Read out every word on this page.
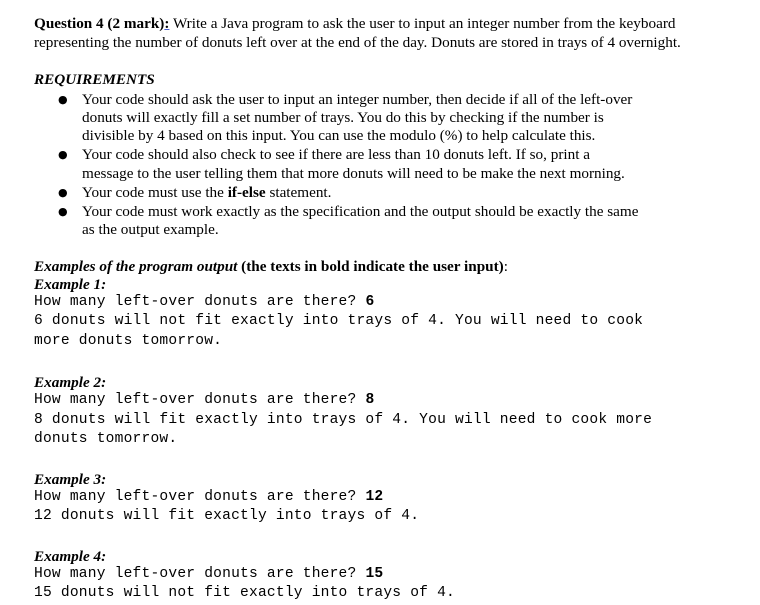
Question 4 (2 mark): Write a Java program to ask the user to input an integer number from the keyboard
representing the number of donuts left over at the end of the day. Donuts are stored in trays of 4 overnight.
REQUIREMENTS
● Your code should ask the user to input an integer number, then decide if all of the left-over
donuts will exactly fill a set number of trays. You do this by checking if the number is
divisible by 4 based on this input. You can use the modulo (%) to help calculate this.
● Your code should also check to see if there are less than 10 donuts left. If so, print a
message to the user telling them that more donuts will need to be make the next morning.
● Your code must use the if-else statement.
● Your code must work exactly as the specification and the output should be exactly the same
as the output example.
Examples of the program output (the texts in bold indicate the user input):
Example 1:
How many left-over donuts are there? 6
6 donuts will not fit exactly into trays of 4. You will need to cook
more donuts tomorrow.
Example 2:
How many left-over donuts are there? 8
8 donuts will fit exactly into trays of 4. You will need to cook more
donuts tomorrow.
Example 3:
How many left-over donuts are there? 12
12 donuts will fit exactly into trays of 4.
Example 4:
How many left-over donuts are there? 15
15 donuts will not fit exactly into trays of 4.
